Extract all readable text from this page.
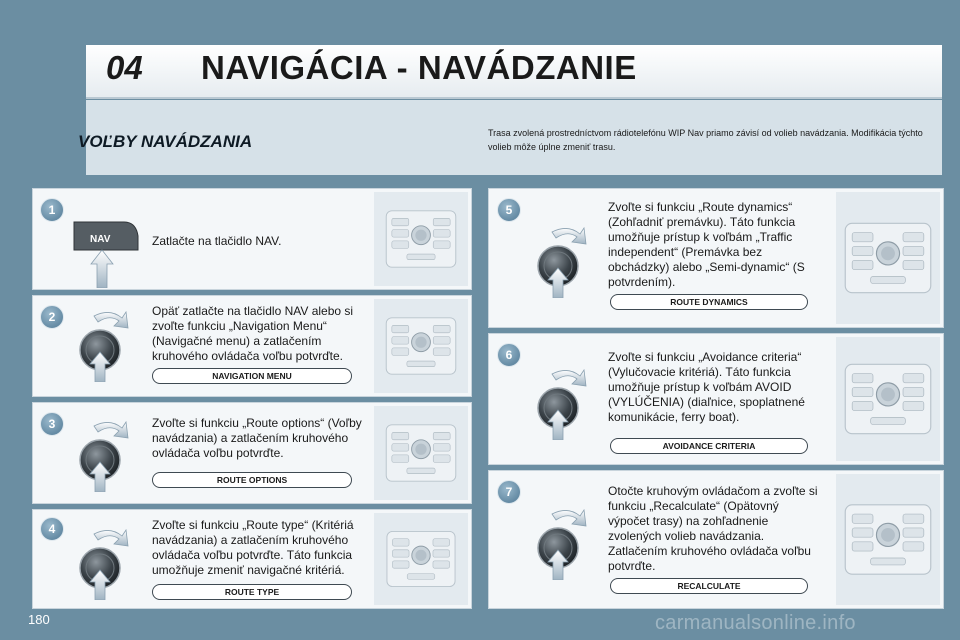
04 NAVIGÁCIA - NAVÁDZANIE
VOĽBY NAVÁDZANIA	Trasa zvolená prostredníctvom rádiotelefónu WIP Nav priamo závisí od volieb navádzania. Modifikácia týchto volieb môže úplne zmeniť trasu.
1
NAV	Zatlačte na tlačidlo NAV.
2	Opäť zatlačte na tlačidlo NAV alebo si zvoľte funkciu „Navigation Menu“ (Navigačné menu) a zatlačením kruhového ovládača voľbu potvrďte.
NAVIGATION MENU
3	Zvoľte si funkciu „Route options“ (Voľby navádzania) a zatlačením kruhového ovládača voľbu potvrďte.
ROUTE OPTIONS
4	Zvoľte si funkciu „Route type“ (Kritériá navádzania) a zatlačením kruhového ovládača voľbu potvrďte. Táto funkcia umožňuje zmeniť navigačné kritériá.
ROUTE TYPE
5	Zvoľte si funkciu „Route dynamics“ (Zohľadniť premávku). Táto funkcia umožňuje prístup k voľbám „Traffic independent“ (Premávka bez obchádzky) alebo „Semi-dynamic“ (S potvrdením).
ROUTE DYNAMICS
6	Zvoľte si funkciu „Avoidance criteria“ (Vylučovacie kritériá). Táto funkcia umožňuje prístup k voľbám AVOID (VYLÚČENIA) (diaľnice, spoplatnené komunikácie, ferry boat).
AVOIDANCE CRITERIA
7	Otočte kruhovým ovládačom a zvoľte si funkciu „Recalculate“ (Opätovný výpočet trasy) na zohľadnenie zvolených volieb navádzania. Zatlačením kruhového ovládača voľbu potvrďte.
RECALCULATE
180	carmanualsonline.info
